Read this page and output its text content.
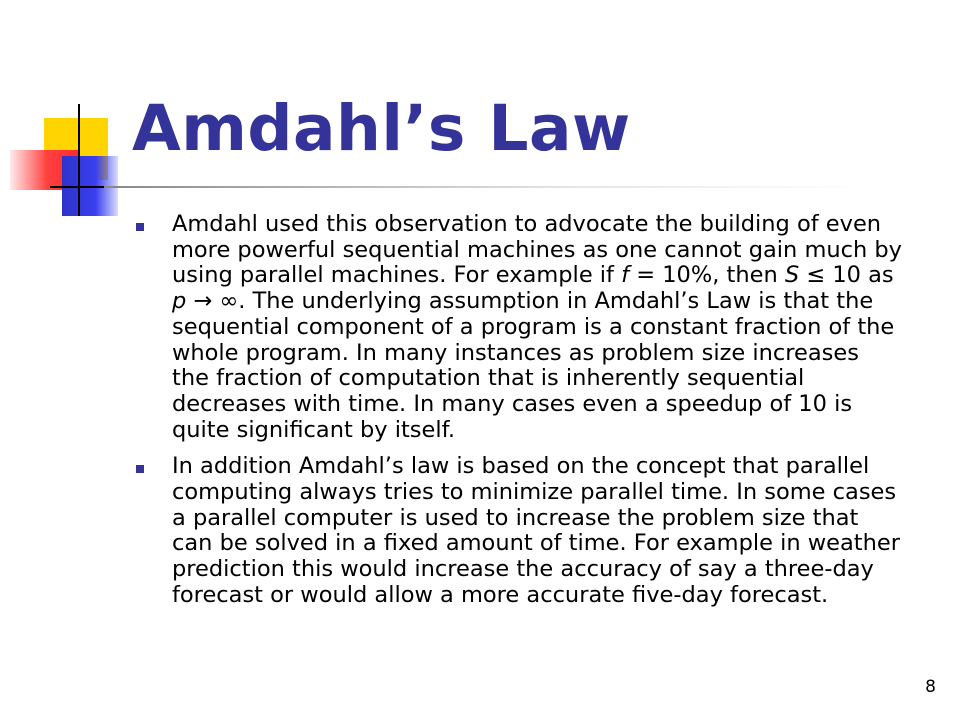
Amdahl’s Law
Amdahl used this observation to advocate the building of even
more powerful sequential machines as one cannot gain much by
using parallel machines. For example if f = 10%, then S ≤ 10 as
p → ∞. The underlying assumption in Amdahl’s Law is that the
sequential component of a program is a constant fraction of the
whole program. In many instances as problem size increases
the fraction of computation that is inherently sequential
decreases with time. In many cases even a speedup of 10 is
quite significant by itself.
In addition Amdahl’s law is based on the concept that parallel
computing always tries to minimize parallel time. In some cases
a parallel computer is used to increase the problem size that
can be solved in a fixed amount of time. For example in weather
prediction this would increase the accuracy of say a three-day
forecast or would allow a more accurate five-day forecast.
8
